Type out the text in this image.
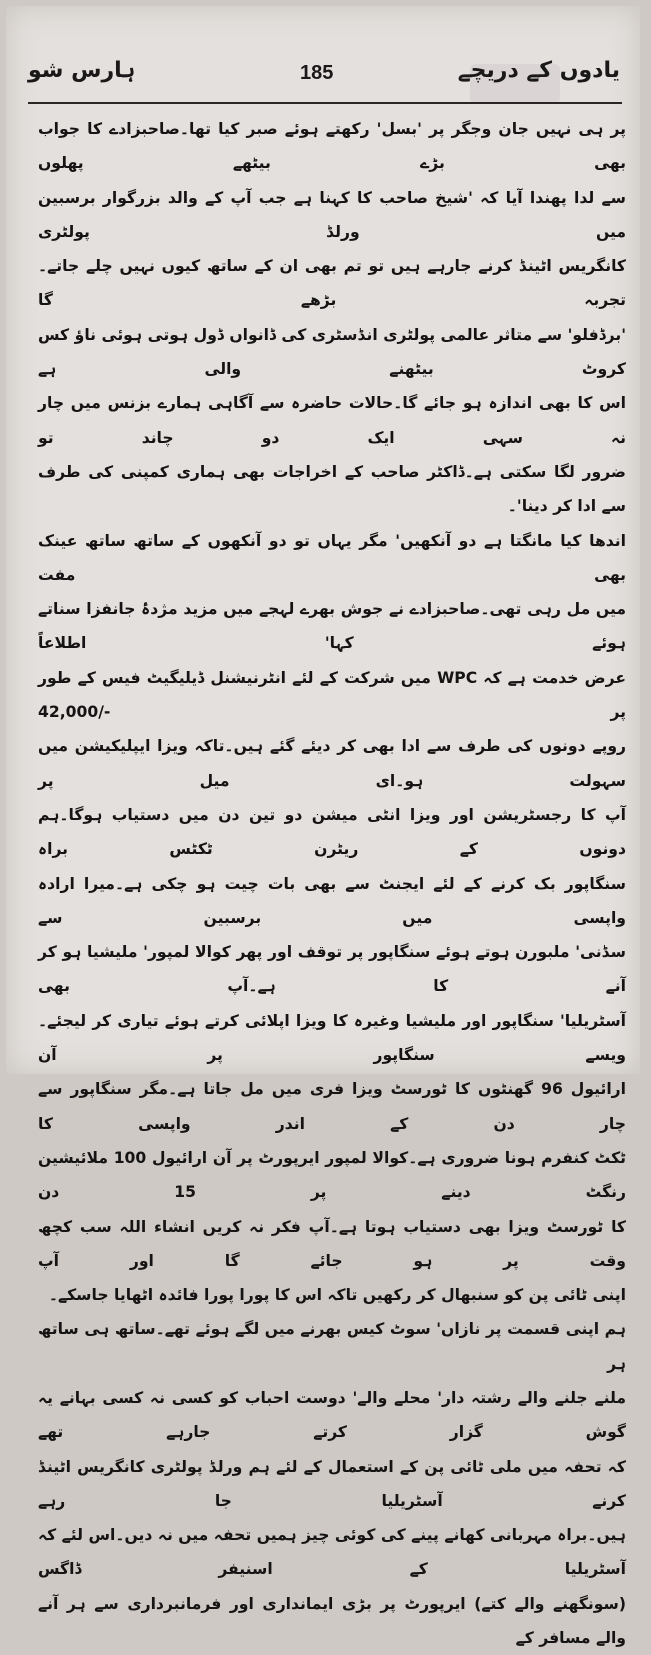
ہارس شو	185	یادوں کے دریچے

پر ہی نہیں جان وجگر پر 'بسل' رکھتے ہوئے صبر کیا تھا۔صاحبزادے کا جواب بھی بڑے بیٹھے پھلوں

سے لدا پھندا آیا کہ 'شیخ صاحب کا کہنا ہے جب آپ کے والد بزرگوار برسبین میں ورلڈ پولٹری

کانگریس اٹینڈ کرنے جارہے ہیں تو تم بھی ان کے ساتھ کیوں نہیں چلے جاتے۔تجربہ بڑھے گا

'برڈفلو' سے متاثر عالمی پولٹری انڈسٹری کی ڈانواں ڈول ہوتی ہوئی ناؤ کس کروٹ بیٹھنے والی ہے

اس کا بھی اندازہ ہو جائے گا۔حالات حاضرہ سے آگاہی ہمارے بزنس میں چار نہ سہی ایک دو چاند تو

ضرور لگا سکتی ہے۔ڈاکٹر صاحب کے اخراجات بھی ہماری کمپنی کی طرف سے ادا کر دینا'۔

اندھا کیا مانگتا ہے دو آنکھیں' مگر یہاں تو دو آنکھوں کے ساتھ ساتھ عینک بھی مفت

میں مل رہی تھی۔صاحبزادے نے جوش بھرے لہجے میں مزید مژدۂ جانفزا سناتے ہوئے کہا' اطلاعاً

عرض خدمت ہے کہ WPC میں شرکت کے لئے انٹرنیشنل ڈیلیگیٹ فیس کے طور پر -/42,000

روپے دونوں کی طرف سے ادا بھی کر دیئے گئے ہیں۔تاکہ ویزا ایپلیکیشن میں سہولت ہو۔ای میل پر

آپ کا رجسٹریشن اور ویزا انٹی میشن دو تین دن میں دستیاب ہوگا۔ہم دونوں کے ریٹرن ٹکٹس براہ

سنگاپور بک کرنے کے لئے ایجنٹ سے بھی بات چیت ہو چکی ہے۔میرا ارادہ واپسی میں برسبین سے

سڈنی' ملبورن ہوتے ہوئے سنگاپور پر توقف اور پھر کوالا لمپور' ملیشیا ہو کر آنے کا ہے۔آپ بھی

آسٹریلیا' سنگاپور اور ملیشیا وغیرہ کا ویزا اپلائی کرتے ہوئے تیاری کر لیجئے۔ویسے سنگاپور پر آن

ارائیول 96 گھنٹوں کا ٹورسٹ ویزا فری میں مل جاتا ہے۔مگر سنگاپور سے چار دن کے اندر واپسی کا

ٹکٹ کنفرم ہونا ضروری ہے۔کوالا لمپور ایرپورٹ پر آن ارائیول 100 ملائیشین رنگٹ دینے پر 15 دن

کا ٹورسٹ ویزا بھی دستیاب ہوتا ہے۔آپ فکر نہ کریں انشاء اللہ سب کچھ وقت پر ہو جائے گا اور آپ

اپنی ٹائی پن کو سنبھال کر رکھیں تاکہ اس کا پورا پورا فائدہ اٹھایا جاسکے۔

ہم اپنی قسمت پر نازاں' سوٹ کیس بھرنے میں لگے ہوئے تھے۔ساتھ ہی ساتھ ہر

ملنے جلنے والے رشتہ دار' محلے والے' دوست احباب کو کسی نہ کسی بہانے یہ گوش گزار کرتے جارہے تھے

کہ تحفہ میں ملی ٹائی پن کے استعمال کے لئے ہم ورلڈ پولٹری کانگریس اٹینڈ کرنے آسٹریلیا جا رہے

ہیں۔براہ مہربانی کھانے پینے کی کوئی چیز ہمیں تحفہ میں نہ دیں۔اس لئے کہ آسٹریلیا کے اسنیفر ڈاگس

(سونگھنے والے کتے) ایرپورٹ پر بڑی ایمانداری اور فرمانبرداری سے ہر آنے والے مسافر کے
